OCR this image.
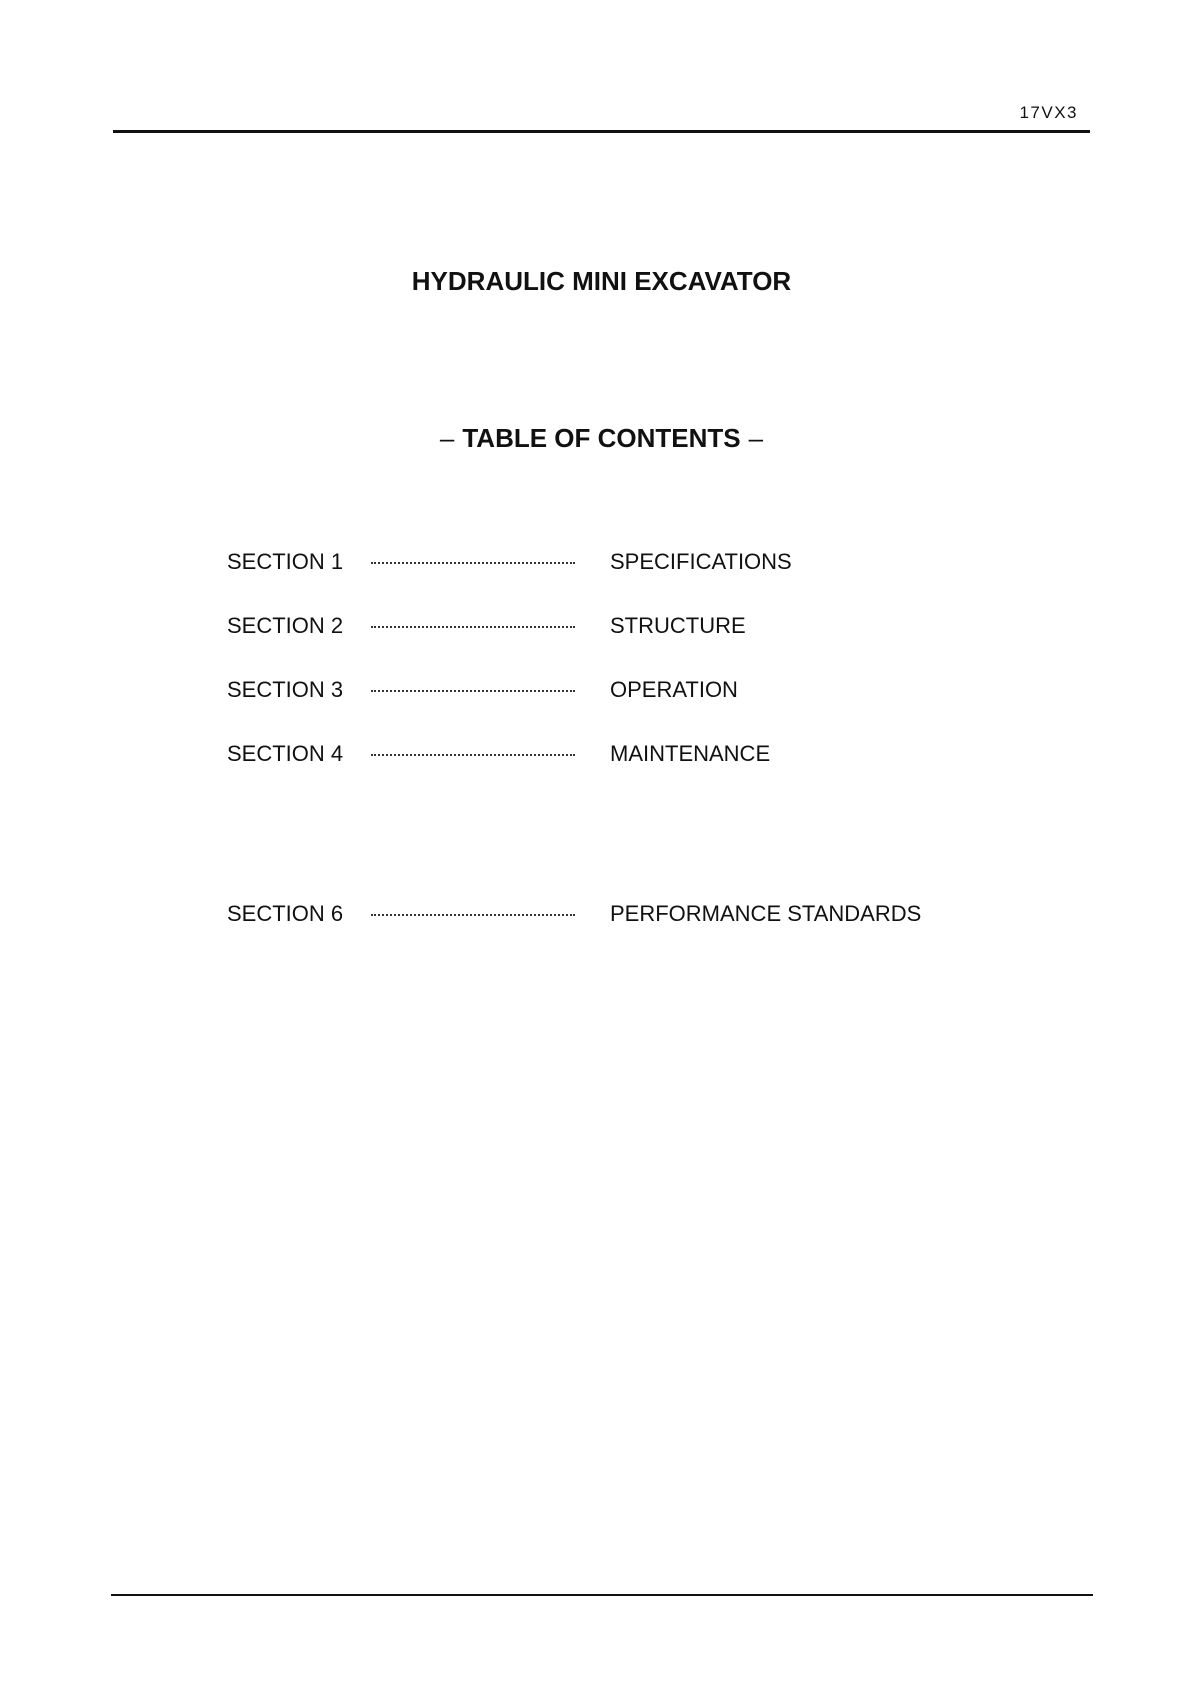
17VX3
HYDRAULIC MINI EXCAVATOR
– TABLE OF CONTENTS –
SECTION 1	SPECIFICATIONS
SECTION 2	STRUCTURE
SECTION 3	OPERATION
SECTION 4	MAINTENANCE
SECTION 6	PERFORMANCE STANDARDS
